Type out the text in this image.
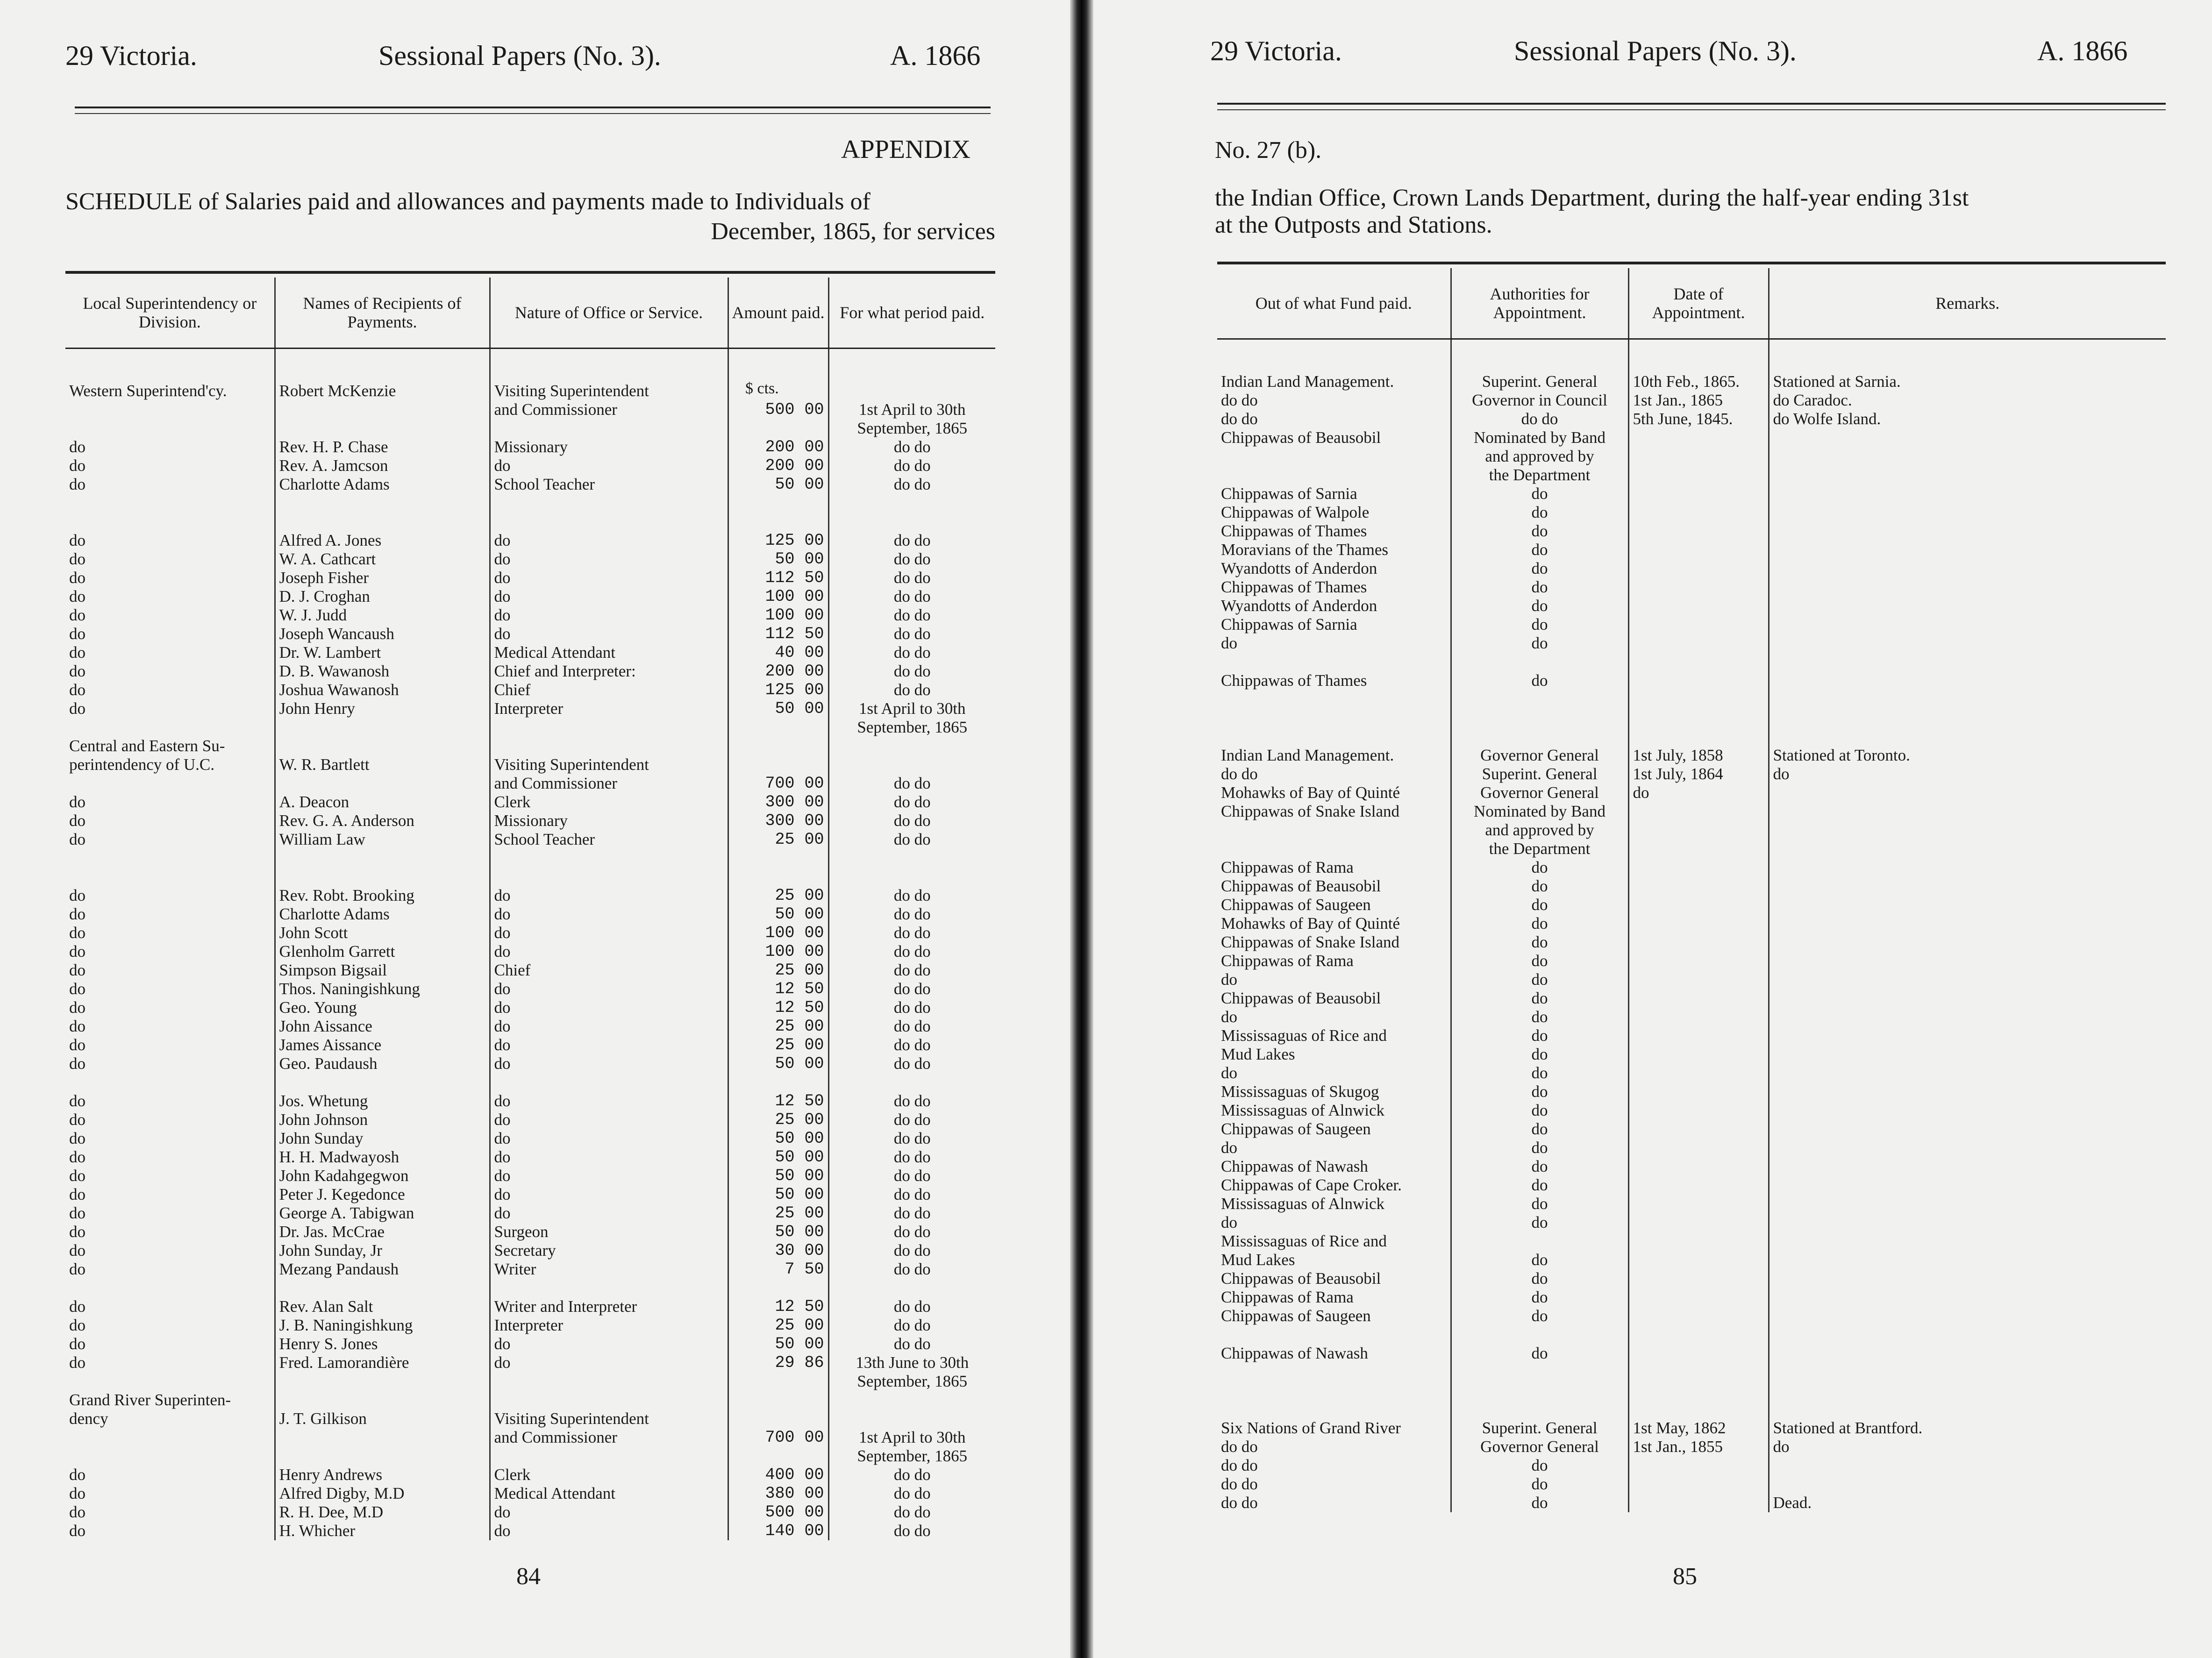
29 Victoria.	Sessional Papers (No. 3).	A. 1866
APPENDIX
SCHEDULE of Salaries paid and allowances and payments made to Individuals of
December, 1865, for services
Local Superintendency or Division.	Names of Recipients of Payments.	Nature of Office or Service.	Amount paid.	For what period paid.
Western Superintend'cy.	Robert McKenzie	Visiting Superintendent		
		and Commissioner	500 00	1st April to 30th
				September, 1865
do	Rev. H. P. Chase	Missionary	200 00	do do
do	Rev. A. Jamcson	do	200 00	do do
do	Charlotte Adams	School Teacher	50 00	do do

do	Alfred A. Jones	do	125 00	do do
do	W. A. Cathcart	do	50 00	do do
do	Joseph Fisher	do	112 50	do do
do	D. J. Croghan	do	100 00	do do
do	W. J. Judd	do	100 00	do do
do	Joseph Wancaush	do	112 50	do do
do	Dr. W. Lambert	Medical Attendant	40 00	do do
do	D. B. Wawanosh	Chief and Interpreter:	200 00	do do
do	Joshua Wawanosh	Chief	125 00	do do
do	John Henry	Interpreter	50 00	1st April to 30th
				September, 1865
Central and Eastern Su-				
perintendency of U.C.	W. R. Bartlett	Visiting Superintendent		
		and Commissioner	700 00	do do
do	A. Deacon	Clerk	300 00	do do
do	Rev. G. A. Anderson	Missionary	300 00	do do
do	William Law	School Teacher	25 00	do do

do	Rev. Robt. Brooking	do	25 00	do do
do	Charlotte Adams	do	50 00	do do
do	John Scott	do	100 00	do do
do	Glenholm Garrett	do	100 00	do do
do	Simpson Bigsail	Chief	25 00	do do
do	Thos. Naningishkung	do	12 50	do do
do	Geo. Young	do	12 50	do do
do	John Aissance	do	25 00	do do
do	James Aissance	do	25 00	do do
do	Geo. Paudaush	do	50 00	do do

do	Jos. Whetung	do	12 50	do do
do	John Johnson	do	25 00	do do
do	John Sunday	do	50 00	do do
do	H. H. Madwayosh	do	50 00	do do
do	John Kadahgegwon	do	50 00	do do
do	Peter J. Kegedonce	do	50 00	do do
do	George A. Tabigwan	do	25 00	do do
do	Dr. Jas. McCrae	Surgeon	50 00	do do
do	John Sunday, Jr	Secretary	30 00	do do
do	Mezang Pandaush	Writer	7 50	do do

do	Rev. Alan Salt	Writer and Interpreter	12 50	do do
do	J. B. Naningishkung	Interpreter	25 00	do do
do	Henry S. Jones	do	50 00	do do
do	Fred. Lamorandière	do	29 86	13th June to 30th
				September, 1865
Grand River Superinten-				
dency	J. T. Gilkison	Visiting Superintendent		
		and Commissioner	700 00	1st April to 30th
				September, 1865
do	Henry Andrews	Clerk	400 00	do do
do	Alfred Digby, M.D	Medical Attendant	380 00	do do
do	R. H. Dee, M.D	do	500 00	do do
do	H. Whicher	do	140 00	do do
$ cts.
84
29 Victoria.	Sessional Papers (No. 3).	A. 1866
No. 27 (b).
the Indian Office, Crown Lands Department, during the half-year ending 31st
at the Outposts and Stations.
Out of what Fund paid.	Authorities for Appointment.	Date of Appointment.	Remarks.
Indian Land Management.	Superint. General	10th Feb., 1865.	Stationed at Sarnia.
do do	Governor in Council	1st Jan., 1865	do Caradoc.
do do	do do	5th June, 1845.	do Wolfe Island.
Chippawas of Beausobil	Nominated by Band		
	and approved by		
	the Department		
Chippawas of Sarnia	do		
Chippawas of Walpole	do		
Chippawas of Thames	do		
Moravians of the Thames	do		
Wyandotts of Anderdon	do		
Chippawas of Thames	do		
Wyandotts of Anderdon	do		
Chippawas of Sarnia	do		
do	do		

Chippawas of Thames	do		

Indian Land Management.	Governor General	1st July, 1858	Stationed at Toronto.
do do	Superint. General	1st July, 1864	do
Mohawks of Bay of Quinté	Governor General	do	
Chippawas of Snake Island	Nominated by Band		
	and approved by		
	the Department		
Chippawas of Rama	do		
Chippawas of Beausobil	do		
Chippawas of Saugeen	do		
Mohawks of Bay of Quinté	do		
Chippawas of Snake Island	do		
Chippawas of Rama	do		
do	do		
Chippawas of Beausobil	do		
do	do		
Mississaguas of Rice and	do		
Mud Lakes	do		
do	do		
Mississaguas of Skugog	do		
Mississaguas of Alnwick	do		
Chippawas of Saugeen	do		
do	do		
Chippawas of Nawash	do		
Chippawas of Cape Croker.	do		
Mississaguas of Alnwick	do		
do	do		
Mississaguas of Rice and			
Mud Lakes	do		
Chippawas of Beausobil	do		
Chippawas of Rama	do		
Chippawas of Saugeen	do		

Chippawas of Nawash	do		

Six Nations of Grand River	Superint. General	1st May, 1862	Stationed at Brantford.
do do	Governor General	1st Jan., 1855	do
do do	do		
do do	do		
do do	do		Dead.
85
